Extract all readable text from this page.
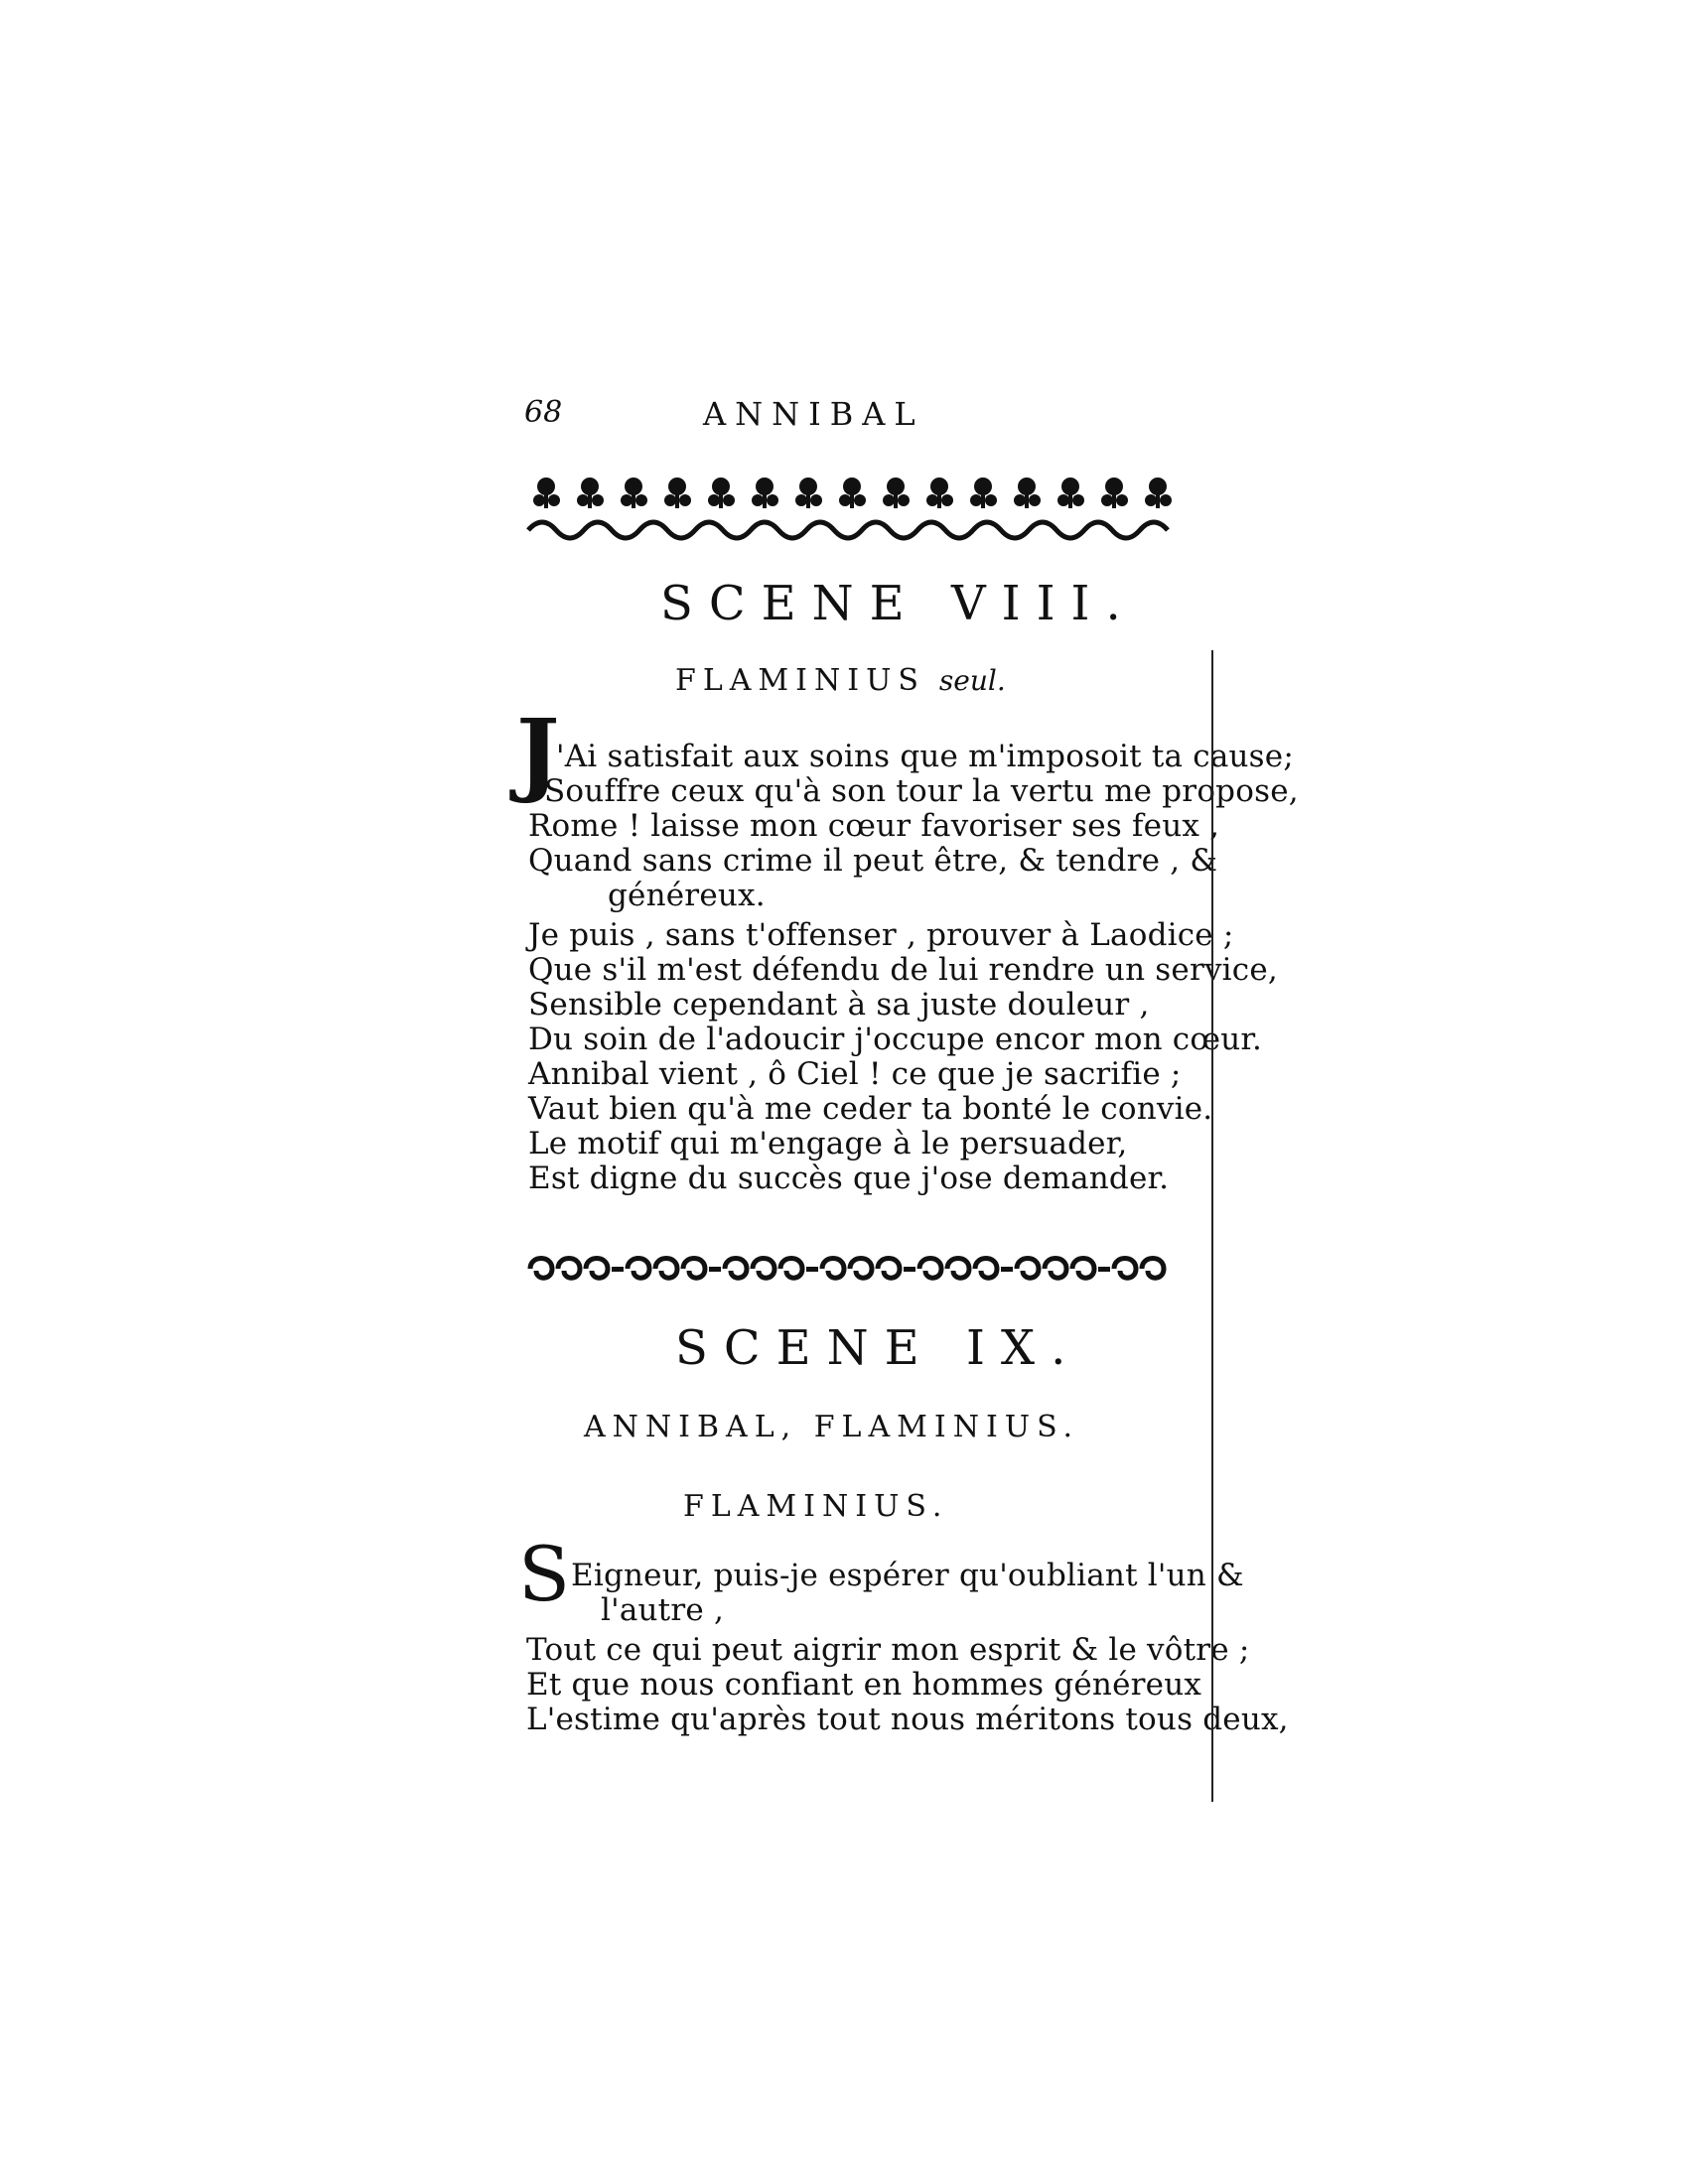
68	ANNIBAL
SCENE VIII.
FLAMINIUS seul.
J
'Ai satisfait aux soins que m'imposoit ta cause;
Souffre ceux qu'à son tour la vertu me propose,
Rome ! laisse mon cœur favoriser ses feux ,
Quand sans crime il peut être, & tendre , &
généreux.
Je puis , sans t'offenser , prouver à Laodice ;
Que s'il m'est défendu de lui rendre un service,
Sensible cependant à sa juste douleur ,
Du soin de l'adoucir j'occupe encor mon cœur.
Annibal vient , ô Ciel ! ce que je sacrifie ;
Vaut bien qu'à me ceder ta bonté le convie.
Le motif qui m'engage à le persuader,
Est digne du succès que j'ose demander.
SCENE IX.
ANNIBAL, FLAMINIUS.
FLAMINIUS.
S Eigneur, puis-je espérer qu'oubliant l'un &
l'autre ,
Tout ce qui peut aigrir mon esprit & le vôtre ;
Et que nous confiant en hommes généreux
L'estime qu'après tout nous méritons tous deux,
